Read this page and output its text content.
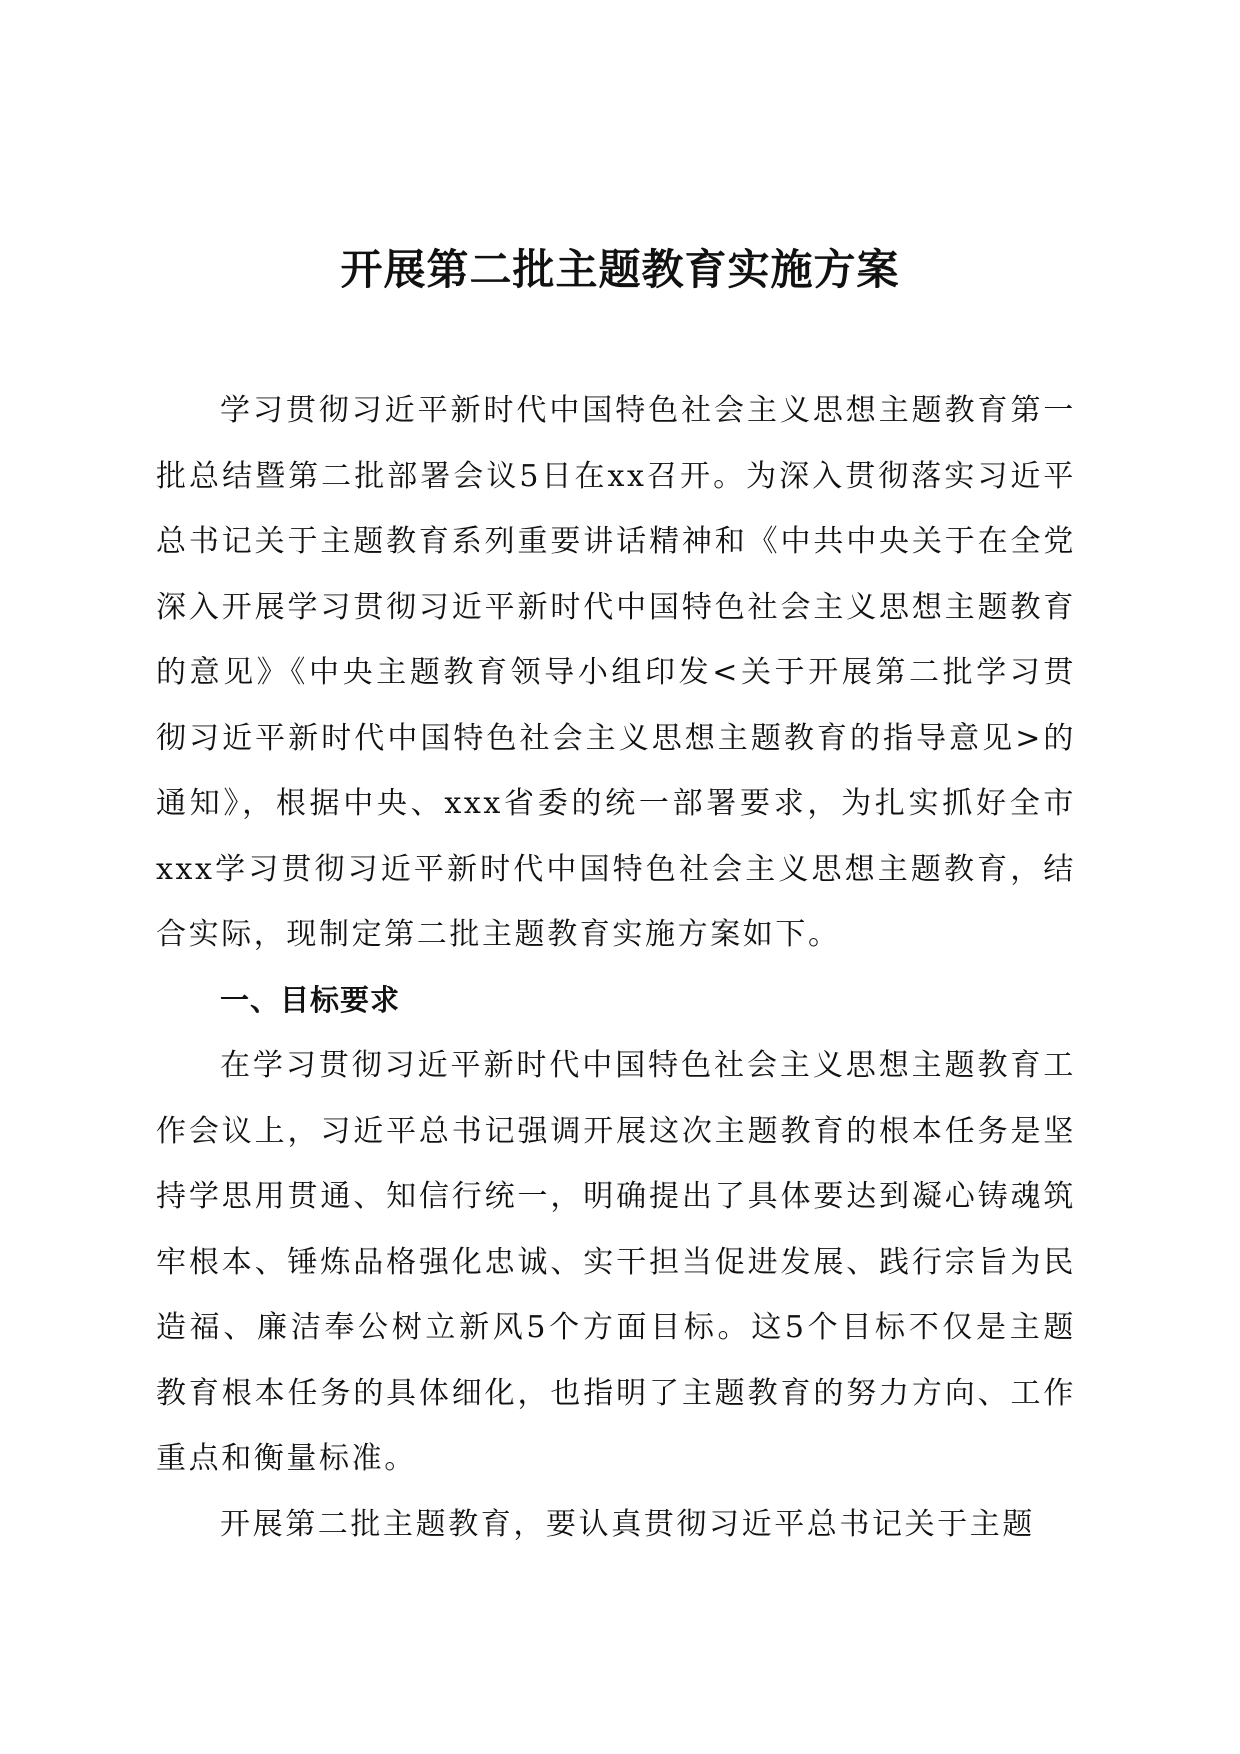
开展第二批主题教育实施方案

学习贯彻习近平新时代中国特色社会主义思想主题教育第一批总结暨第二批部署会议5日在xx召开。为深入贯彻落实习近平总书记关于主题教育系列重要讲话精神和《中共中央关于在全党深入开展学习贯彻习近平新时代中国特色社会主义思想主题教育的意见》《中央主题教育领导小组印发<关于开展第二批学习贯彻习近平新时代中国特色社会主义思想主题教育的指导意见>的通知》，根据中央、xxx省委的统一部署要求，为扎实抓好全市xxx学习贯彻习近平新时代中国特色社会主义思想主题教育，结合实际，现制定第二批主题教育实施方案如下。

一、目标要求

在学习贯彻习近平新时代中国特色社会主义思想主题教育工作会议上，习近平总书记强调开展这次主题教育的根本任务是坚持学思用贯通、知信行统一，明确提出了具体要达到凝心铸魂筑牢根本、锤炼品格强化忠诚、实干担当促进发展、践行宗旨为民造福、廉洁奉公树立新风5个方面目标。这5个目标不仅是主题教育根本任务的具体细化，也指明了主题教育的努力方向、工作重点和衡量标准。

开展第二批主题教育，要认真贯彻习近平总书记关于主题
